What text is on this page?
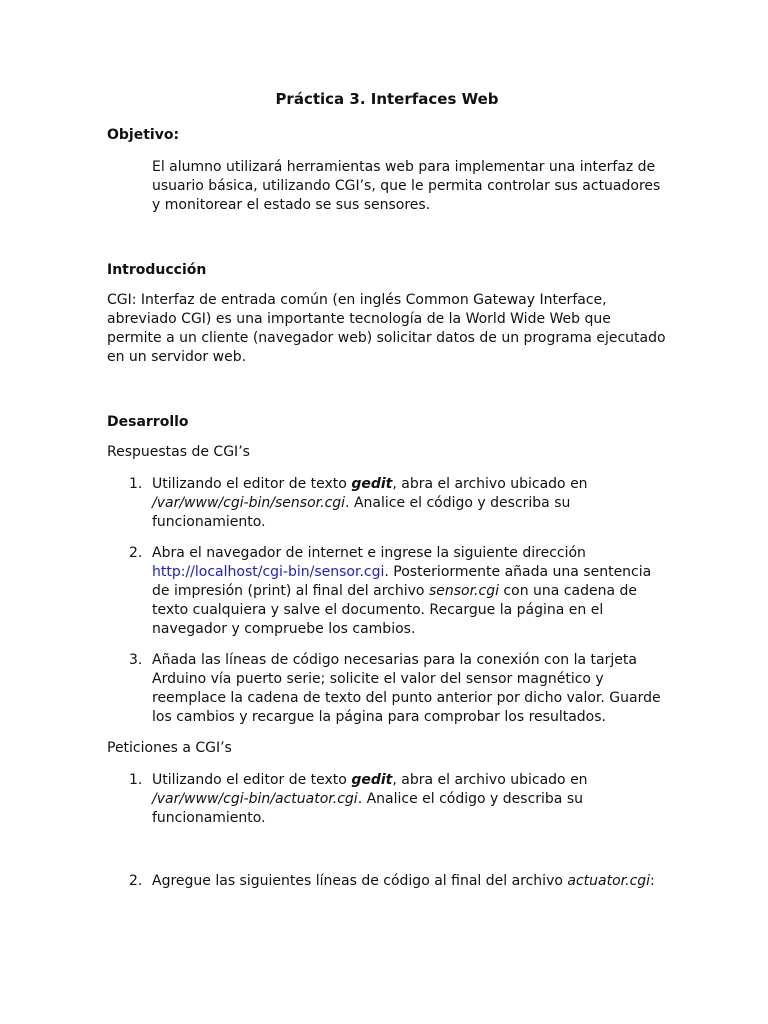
Práctica 3. Interfaces Web
Objetivo:
El alumno utilizará herramientas web para implementar una interfaz de usuario básica, utilizando CGI’s, que le permita controlar sus actuadores y monitorear el estado se sus sensores.
Introducción
CGI: Interfaz de entrada común (en inglés Common Gateway Interface, abreviado CGI) es una importante tecnología de la World Wide Web que permite a un cliente (navegador web) solicitar datos de un programa ejecutado en un servidor web.
Desarrollo
Respuestas de CGI’s
1. Utilizando el editor de texto gedit, abra el archivo ubicado en /var/www/cgi-bin/sensor.cgi. Analice el código y describa su funcionamiento.
2. Abra el navegador de internet e ingrese la siguiente dirección http://localhost/cgi-bin/sensor.cgi. Posteriormente añada una sentencia de impresión (print) al final del archivo sensor.cgi con una cadena de texto cualquiera y salve el documento. Recargue la página en el navegador y compruebe los cambios.
3. Añada las líneas de código necesarias para la conexión con la tarjeta Arduino vía puerto serie; solicite el valor del sensor magnético y reemplace la cadena de texto del punto anterior por dicho valor. Guarde los cambios y recargue la página para comprobar los resultados.
Peticiones a CGI’s
1. Utilizando el editor de texto gedit, abra el archivo ubicado en /var/www/cgi-bin/actuator.cgi. Analice el código y describa su funcionamiento.
2. Agregue las siguientes líneas de código al final del archivo actuator.cgi:
